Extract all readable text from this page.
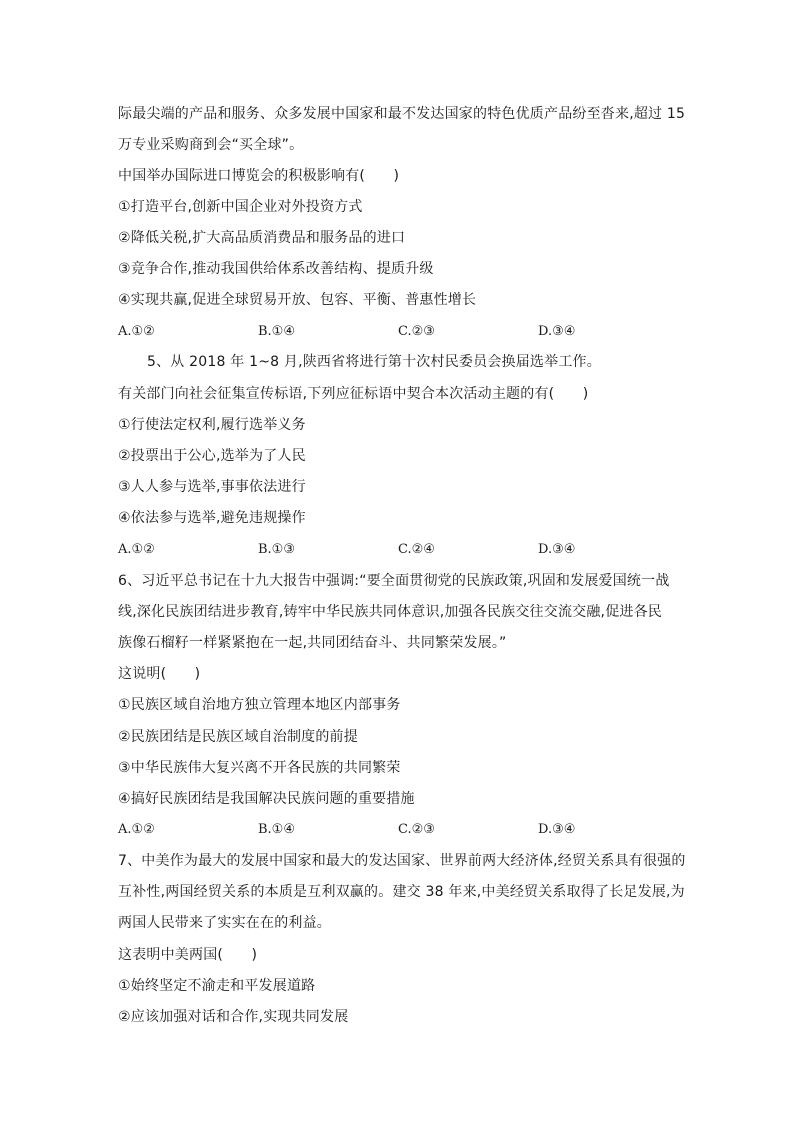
际最尖端的产品和服务、众多发展中国家和最不发达国家的特色优质产品纷至沓来,超过 15
万专业采购商到会“买全球”。
中国举办国际进口博览会的积极影响有(　　)
①打造平台,创新中国企业对外投资方式
②降低关税,扩大高品质消费品和服务品的进口
③竞争合作,推动我国供给体系改善结构、提质升级
④实现共赢,促进全球贸易开放、包容、平衡、普惠性增长
A.①②	B.①④	C.②③	D.③④
5、从 2018 年 1~8 月,陕西省将进行第十次村民委员会换届选举工作。
有关部门向社会征集宣传标语,下列应征标语中契合本次活动主题的有(　　)
①行使法定权利,履行选举义务
②投票出于公心,选举为了人民
③人人参与选举,事事依法进行
④依法参与选举,避免违规操作
A.①②	B.①③	C.②④	D.③④
6、习近平总书记在十九大报告中强调:“要全面贯彻党的民族政策,巩固和发展爱国统一战
线,深化民族团结进步教育,铸牢中华民族共同体意识,加强各民族交往交流交融,促进各民
族像石榴籽一样紧紧抱在一起,共同团结奋斗、共同繁荣发展。”
这说明(　　)
①民族区域自治地方独立管理本地区内部事务
②民族团结是民族区域自治制度的前提
③中华民族伟大复兴离不开各民族的共同繁荣
④搞好民族团结是我国解决民族问题的重要措施
A.①②	B.①④	C.②③	D.③④
7、中美作为最大的发展中国家和最大的发达国家、世界前两大经济体,经贸关系具有很强的
互补性,两国经贸关系的本质是互利双赢的。建交 38 年来,中美经贸关系取得了长足发展,为
两国人民带来了实实在在的利益。
这表明中美两国(　　)
①始终坚定不渝走和平发展道路
②应该加强对话和合作,实现共同发展
